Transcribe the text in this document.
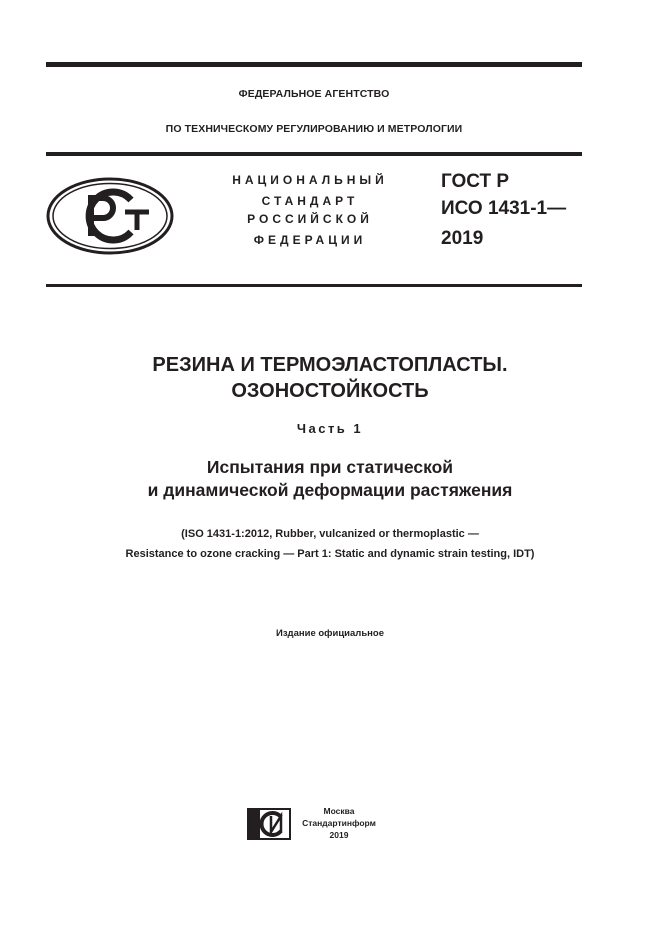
ФЕДЕРАЛЬНОЕ АГЕНТСТВО
ПО ТЕХНИЧЕСКОМУ РЕГУЛИРОВАНИЮ И МЕТРОЛОГИИ
НАЦИОНАЛЬНЫЙ
СТАНДАРТ
РОССИЙСКОЙ
ФЕДЕРАЦИИ
ГОСТ Р
ИСО 1431-1—
2019
РЕЗИНА И ТЕРМОЭЛАСТОПЛАСТЫ.
ОЗОНОСТОЙКОСТЬ
Часть 1
Испытания при статической
и динамической деформации растяжения
(ISO 1431-1:2012, Rubber, vulcanized or thermoplastic —
Resistance to ozone cracking — Part 1: Static and dynamic strain testing, IDT)
Издание официальное
Москва
Стандартинформ
2019
